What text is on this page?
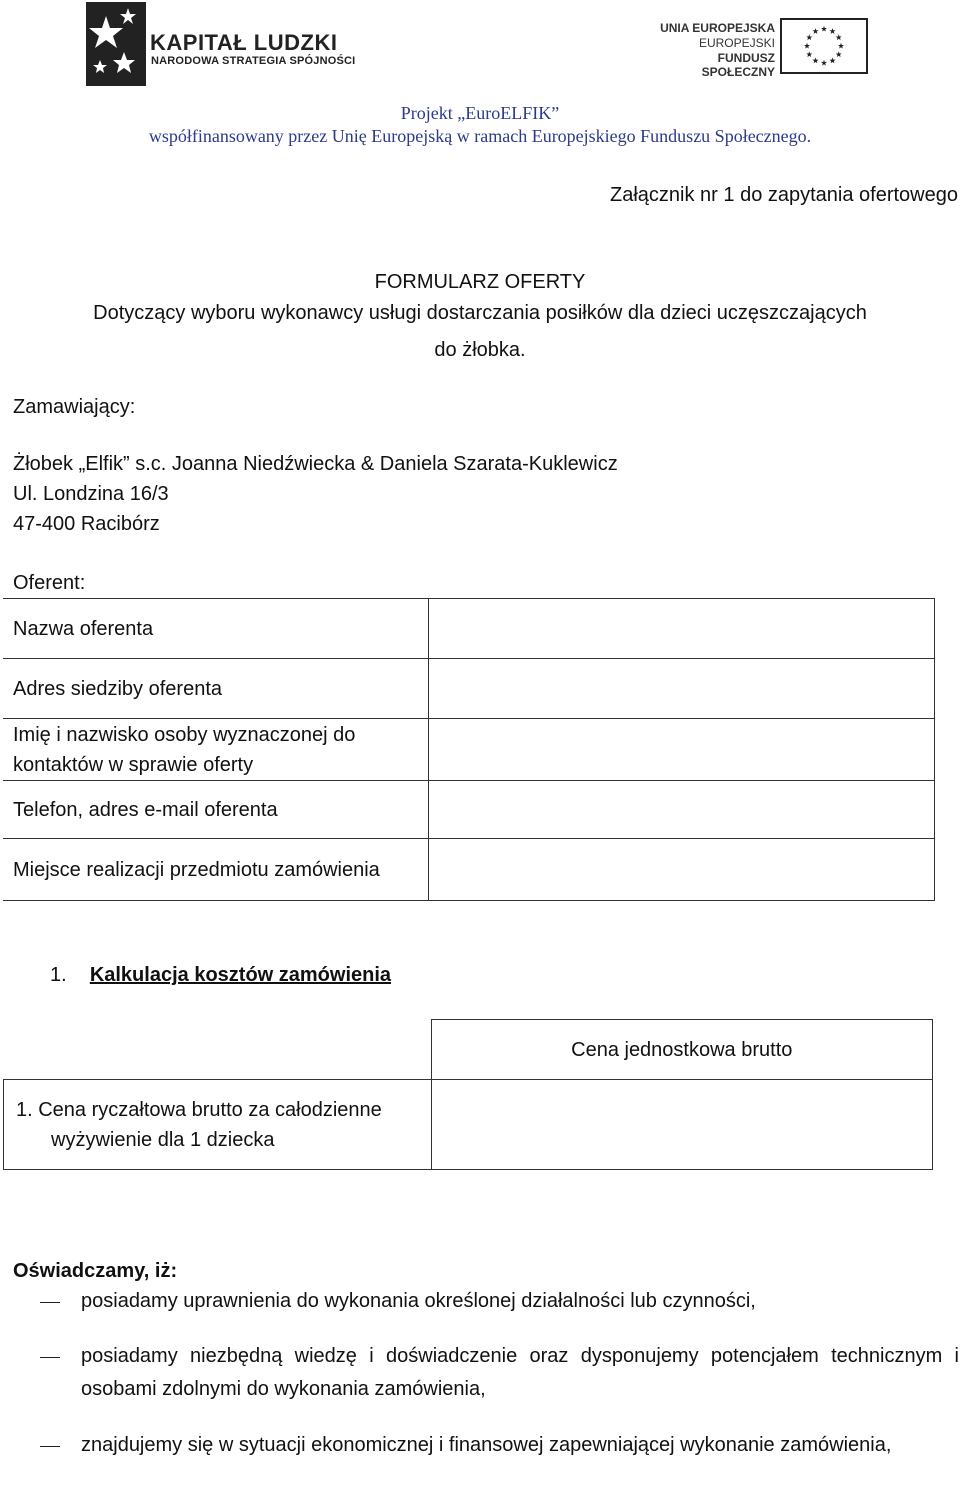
KAPITAŁ LUDZKI
NARODOWA STRATEGIA SPÓJNOŚCI
UNIA EUROPEJSKA
EUROPEJSKI
FUNDUSZ SPOŁECZNY
Projekt „EuroELFIK”
współfinansowany przez Unię Europejską w ramach Europejskiego Funduszu Społecznego.
Załącznik nr 1 do zapytania ofertowego
FORMULARZ OFERTY
Dotyczący wyboru wykonawcy usługi dostarczania posiłków dla dzieci uczęszczających
do żłobka.
Zamawiający:
Żłobek „Elfik” s.c. Joanna Niedźwiecka & Daniela Szarata-Kuklewicz
Ul. Londzina 16/3
47-400 Racibórz
Oferent:
Nazwa oferenta	
Adres siedziby oferenta	
Imię i nazwisko osoby wyznaczonej do kontaktów w sprawie oferty	
Telefon, adres e-mail oferenta	
Miejsce realizacji przedmiotu zamówienia	
1. Kalkulacja kosztów zamówienia
	Cena jednostkowa brutto

1. Cena ryczałtowa brutto za całodzienne wyżywienie dla 1 dziecka	

Oświadczamy, iż:
posiadamy uprawnienia do wykonania określonej działalności lub czynności,
posiadamy niezbędną wiedzę i doświadczenie oraz dysponujemy potencjałem technicznym i osobami zdolnymi do wykonania zamówienia,
znajdujemy się w sytuacji ekonomicznej i finansowej zapewniającej wykonanie zamówienia,
